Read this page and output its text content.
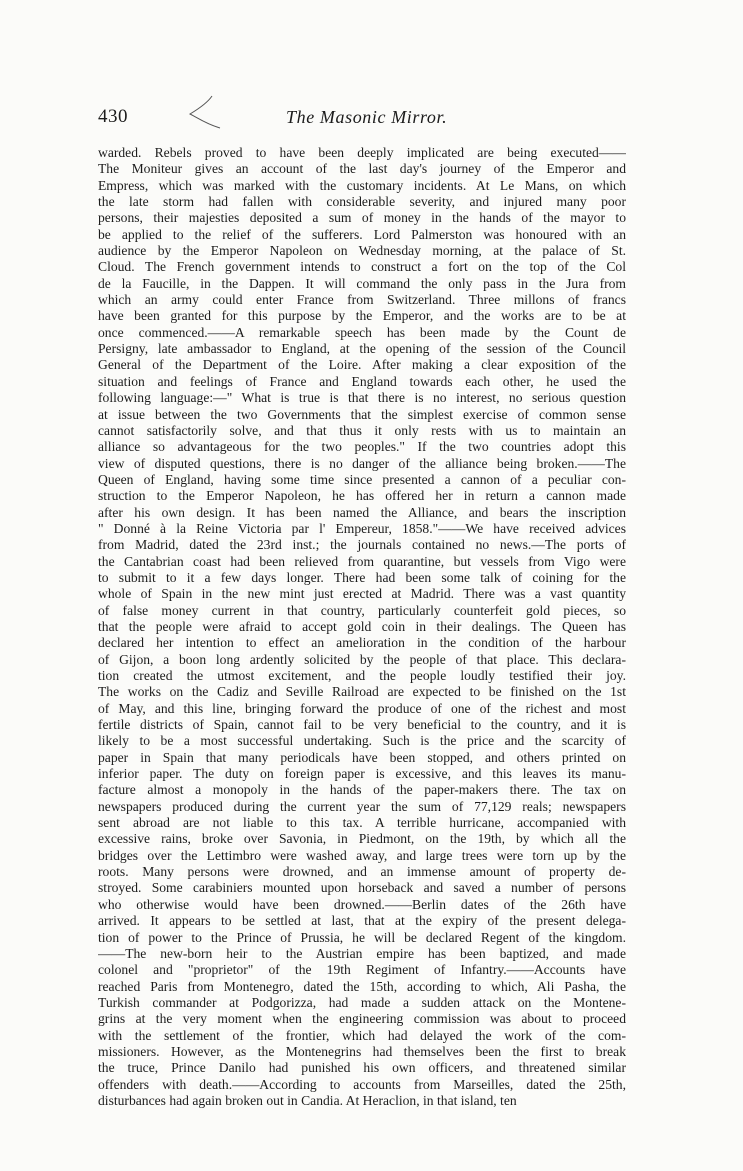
430	The Masonic Mirror.
warded. Rebels proved to have been deeply implicated are being executed——
The Moniteur gives an account of the last day's journey of the Emperor and
Empress, which was marked with the customary incidents. At Le Mans, on which
the late storm had fallen with considerable severity, and injured many poor
persons, their majesties deposited a sum of money in the hands of the mayor to
be applied to the relief of the sufferers. Lord Palmerston was honoured with an
audience by the Emperor Napoleon on Wednesday morning, at the palace of St.
Cloud. The French government intends to construct a fort on the top of the Col
de la Faucille, in the Dappen. It will command the only pass in the Jura from
which an army could enter France from Switzerland. Three millons of francs
have been granted for this purpose by the Emperor, and the works are to be at
once commenced.——A remarkable speech has been made by the Count de
Persigny, late ambassador to England, at the opening of the session of the Council
General of the Department of the Loire. After making a clear exposition of the
situation and feelings of France and England towards each other, he used the
following language:—" What is true is that there is no interest, no serious question
at issue between the two Governments that the simplest exercise of common sense
cannot satisfactorily solve, and that thus it only rests with us to maintain an
alliance so advantageous for the two peoples." If the two countries adopt this
view of disputed questions, there is no danger of the alliance being broken.——The
Queen of England, having some time since presented a cannon of a peculiar con-
struction to the Emperor Napoleon, he has offered her in return a cannon made
after his own design. It has been named the Alliance, and bears the inscription
" Donné à la Reine Victoria par l' Empereur, 1858."——We have received advices
from Madrid, dated the 23rd inst.; the journals contained no news.—The ports of
the Cantabrian coast had been relieved from quarantine, but vessels from Vigo were
to submit to it a few days longer. There had been some talk of coining for the
whole of Spain in the new mint just erected at Madrid. There was a vast quantity
of false money current in that country, particularly counterfeit gold pieces, so
that the people were afraid to accept gold coin in their dealings. The Queen has
declared her intention to effect an amelioration in the condition of the harbour
of Gijon, a boon long ardently solicited by the people of that place. This declara-
tion created the utmost excitement, and the people loudly testified their joy.
The works on the Cadiz and Seville Railroad are expected to be finished on the 1st
of May, and this line, bringing forward the produce of one of the richest and most
fertile districts of Spain, cannot fail to be very beneficial to the country, and it is
likely to be a most successful undertaking. Such is the price and the scarcity of
paper in Spain that many periodicals have been stopped, and others printed on
inferior paper. The duty on foreign paper is excessive, and this leaves its manu-
facture almost a monopoly in the hands of the paper-makers there. The tax on
newspapers produced during the current year the sum of 77,129 reals; newspapers
sent abroad are not liable to this tax. A terrible hurricane, accompanied with
excessive rains, broke over Savonia, in Piedmont, on the 19th, by which all the
bridges over the Lettimbro were washed away, and large trees were torn up by the
roots. Many persons were drowned, and an immense amount of property de-
stroyed. Some carabiniers mounted upon horseback and saved a number of persons
who otherwise would have been drowned.——Berlin dates of the 26th have
arrived. It appears to be settled at last, that at the expiry of the present delega-
tion of power to the Prince of Prussia, he will be declared Regent of the kingdom.
——The new-born heir to the Austrian empire has been baptized, and made
colonel and "proprietor" of the 19th Regiment of Infantry.——Accounts have
reached Paris from Montenegro, dated the 15th, according to which, Ali Pasha, the
Turkish commander at Podgorizza, had made a sudden attack on the Montene-
grins at the very moment when the engineering commission was about to proceed
with the settlement of the frontier, which had delayed the work of the com-
missioners. However, as the Montenegrins had themselves been the first to break
the truce, Prince Danilo had punished his own officers, and threatened similar
offenders with death.——According to accounts from Marseilles, dated the 25th,
disturbances had again broken out in Candia. At Heraclion, in that island, ten
